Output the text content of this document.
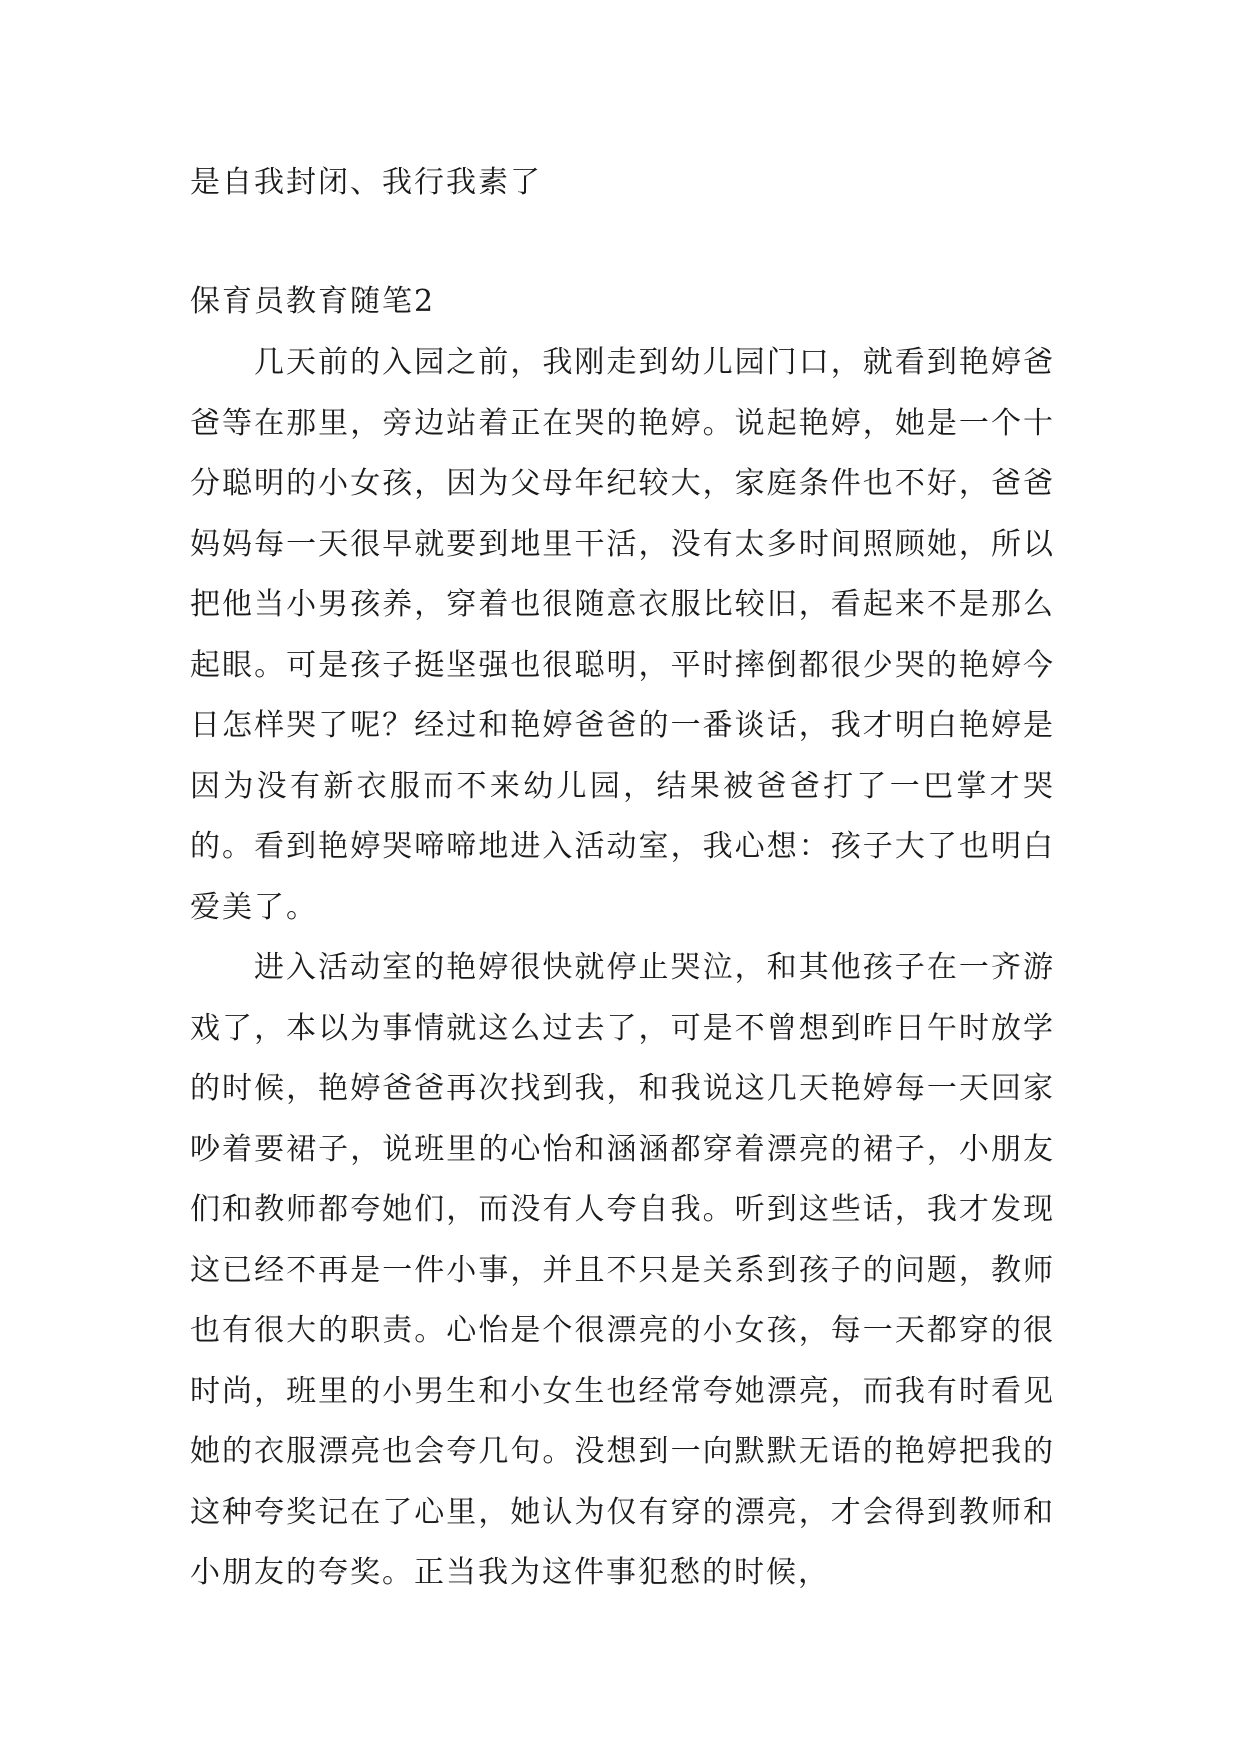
是自我封闭、我行我素了
保育员教育随笔2

几天前的入园之前，我刚走到幼儿园门口，就看到艳婷爸爸等在那里，旁边站着正在哭的艳婷。说起艳婷，她是一个十分聪明的小女孩，因为父母年纪较大，家庭条件也不好，爸爸妈妈每一天很早就要到地里干活，没有太多时间照顾她，所以把他当小男孩养，穿着也很随意衣服比较旧，看起来不是那么起眼。可是孩子挺坚强也很聪明，平时摔倒都很少哭的艳婷今日怎样哭了呢？经过和艳婷爸爸的一番谈话，我才明白艳婷是因为没有新衣服而不来幼儿园，结果被爸爸打了一巴掌才哭的。看到艳婷哭啼啼地进入活动室，我心想：孩子大了也明白爱美了。

进入活动室的艳婷很快就停止哭泣，和其他孩子在一齐游戏了，本以为事情就这么过去了，可是不曾想到昨日午时放学的时候，艳婷爸爸再次找到我，和我说这几天艳婷每一天回家吵着要裙子，说班里的心怡和涵涵都穿着漂亮的裙子，小朋友们和教师都夸她们，而没有人夸自我。听到这些话，我才发现这已经不再是一件小事，并且不只是关系到孩子的问题，教师也有很大的职责。心怡是个很漂亮的小女孩，每一天都穿的很时尚，班里的小男生和小女生也经常夸她漂亮，而我有时看见她的衣服漂亮也会夸几句。没想到一向默默无语的艳婷把我的这种夸奖记在了心里，她认为仅有穿的漂亮，才会得到教师和小朋友的夸奖。正当我为这件事犯愁的时候，
